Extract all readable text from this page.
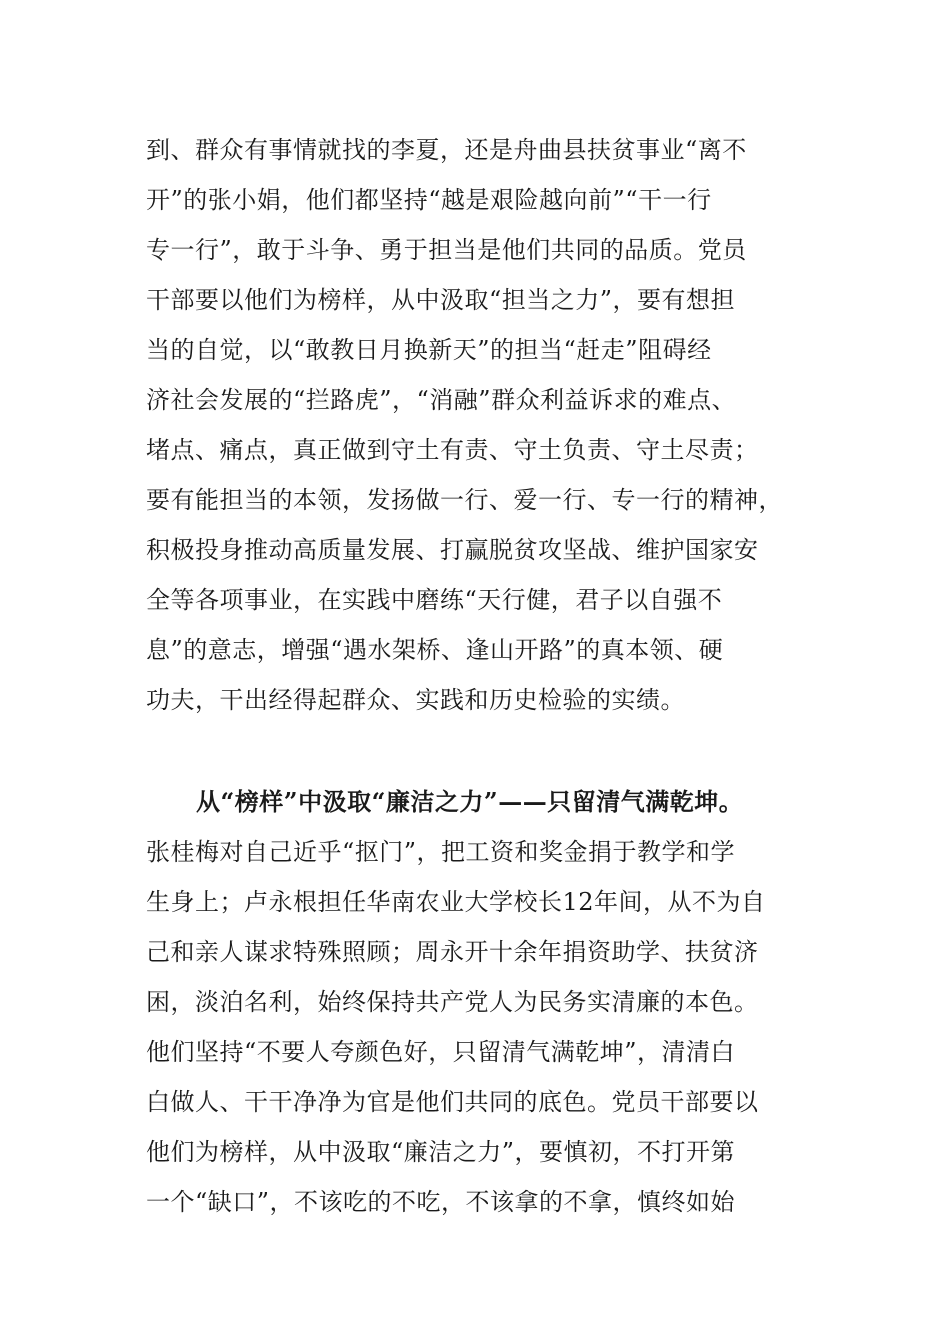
到、群众有事情就找的李夏，还是舟曲县扶贫事业“离不
开”的张小娟，他们都坚持“越是艰险越向前”“干一行
专一行”，敢于斗争、勇于担当是他们共同的品质。党员
干部要以他们为榜样，从中汲取“担当之力”，要有想担
当的自觉，以“敢教日月换新天”的担当“赶走”阻碍经
济社会发展的“拦路虎”，“消融”群众利益诉求的难点、
堵点、痛点，真正做到守土有责、守土负责、守土尽责；
要有能担当的本领，发扬做一行、爱一行、专一行的精神，
积极投身推动高质量发展、打赢脱贫攻坚战、维护国家安
全等各项事业，在实践中磨练“天行健，君子以自强不
息”的意志，增强“遇水架桥、逢山开路”的真本领、硬
功夫，干出经得起群众、实践和历史检验的实绩。
从“榜样”中汲取“廉洁之力”——只留清气满乾坤。
张桂梅对自己近乎“抠门”，把工资和奖金捐于教学和学
生身上；卢永根担任华南农业大学校长12年间，从不为自
己和亲人谋求特殊照顾；周永开十余年捐资助学、扶贫济
困，淡泊名利，始终保持共产党人为民务实清廉的本色。
他们坚持“不要人夸颜色好，只留清气满乾坤”，清清白
白做人、干干净净为官是他们共同的底色。党员干部要以
他们为榜样，从中汲取“廉洁之力”，要慎初，不打开第
一个“缺口”，不该吃的不吃，不该拿的不拿，慎终如始
